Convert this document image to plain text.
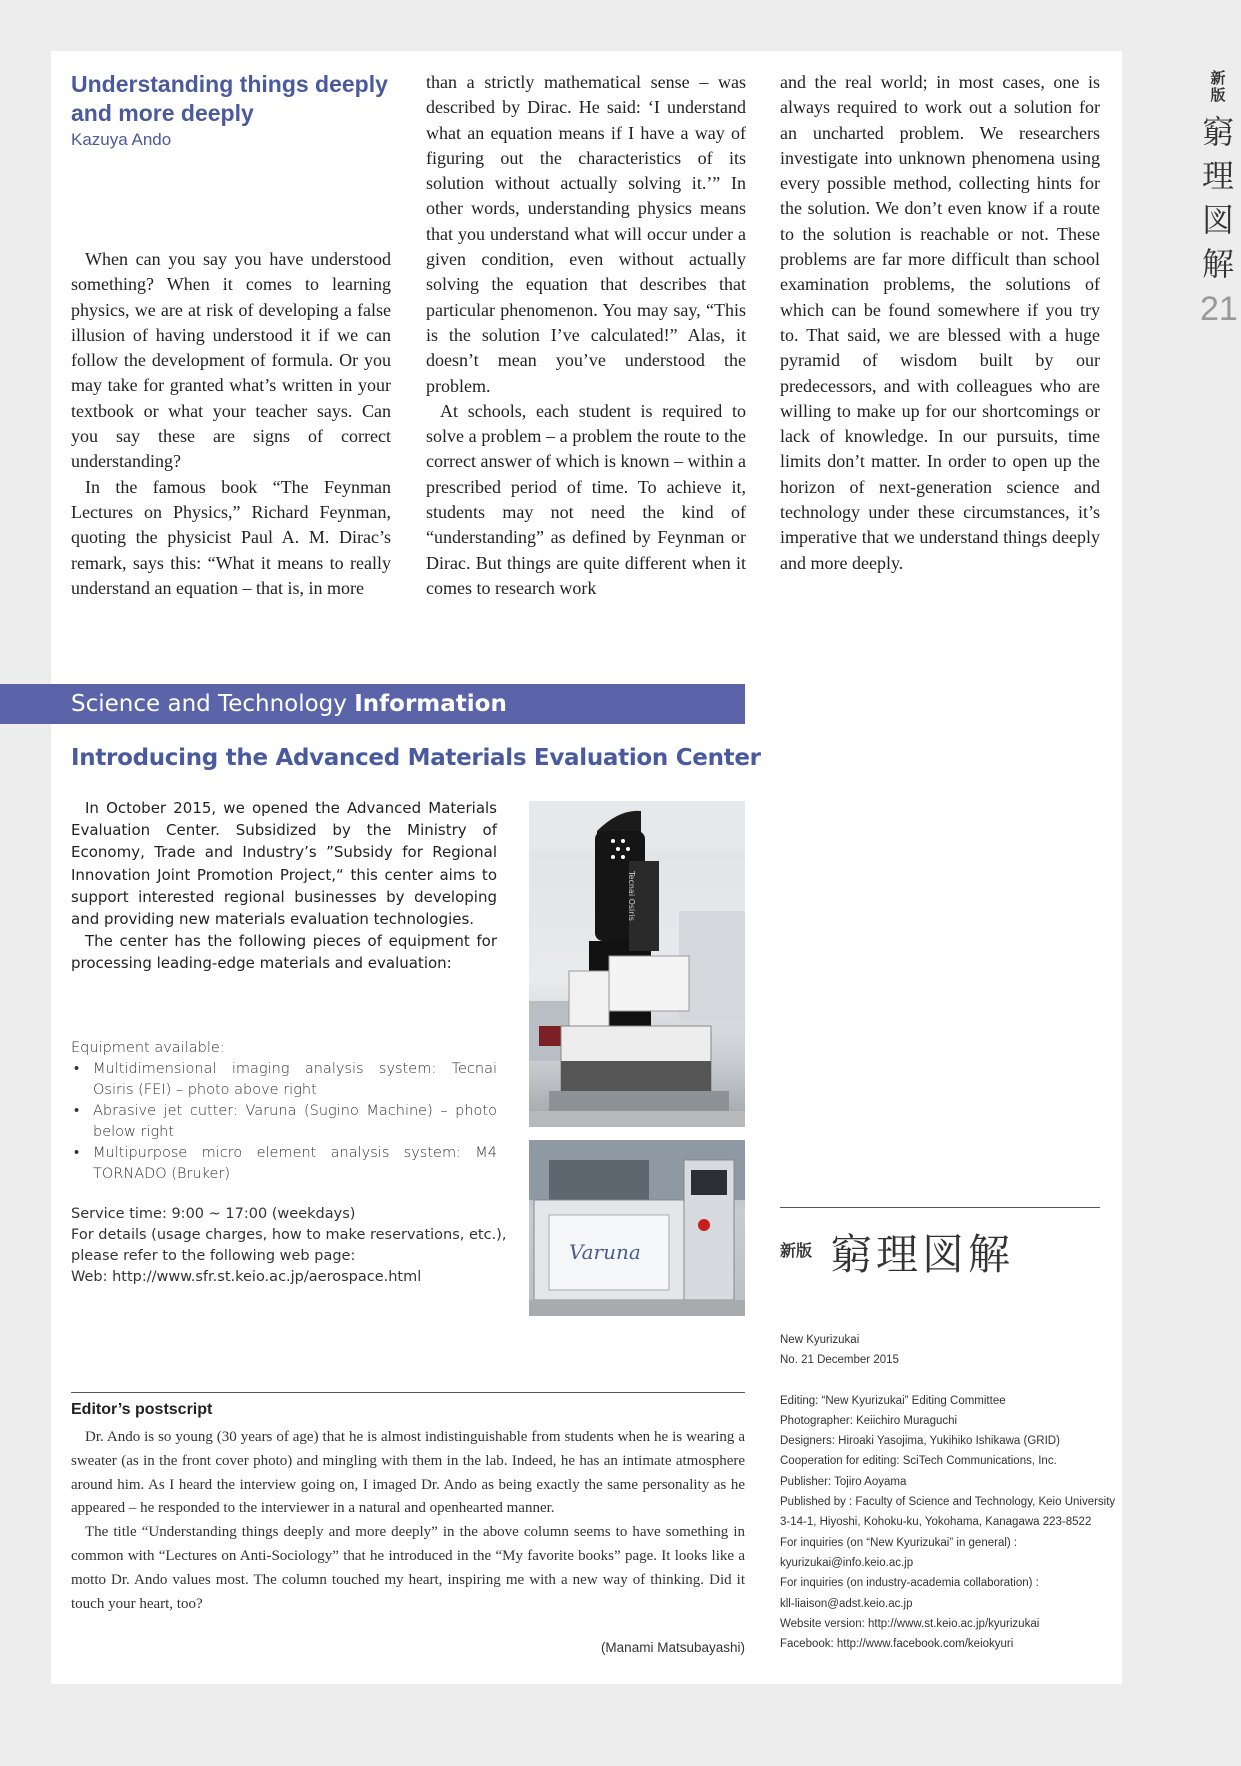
新版
窮
理
図
解
21
Understanding things deeply and more deeply
Kazuya Ando

When can you say you have understood something? When it comes to learning physics, we are at risk of developing a false illusion of having understood it if we can follow the development of formula. Or you may take for granted what’s written in your textbook or what your teacher says. Can you say these are signs of correct understanding?

In the famous book “The Feynman Lectures on Physics,” Richard Feynman, quoting the physicist Paul A. M. Dirac’s remark, says this: “What it means to really understand an equation – that is, in more

than a strictly mathematical sense – was described by Dirac. He said: ‘I understand what an equation means if I have a way of figuring out the characteristics of its solution without actually solving it.’” In other words, understanding physics means that you understand what will occur under a given condition, even without actually solving the equation that describes that particular phenomenon. You may say, “This is the solution I’ve calculated!” Alas, it doesn’t mean you’ve understood the problem.

At schools, each student is required to solve a problem – a problem the route to the correct answer of which is known – within a prescribed period of time. To achieve it, students may not need the kind of “understanding” as defined by Feynman or Dirac. But things are quite different when it comes to research work

and the real world; in most cases, one is always required to work out a solution for an uncharted problem. We researchers investigate into unknown phenomena using every possible method, collecting hints for the solution. We don’t even know if a route to the solution is reachable or not. These problems are far more difficult than school examination problems, the solutions of which can be found somewhere if you try to. That said, we are blessed with a huge pyramid of wisdom built by our predecessors, and with colleagues who are willing to make up for our shortcomings or lack of knowledge. In our pursuits, time limits don’t matter. In order to open up the horizon of next-generation science and technology under these circumstances, it’s imperative that we understand things deeply and more deeply.

Science and Technology Information
Introducing the Advanced Materials Evaluation Center

In October 2015, we opened the Advanced Materials Evaluation Center. Subsidized by the Ministry of Economy, Trade and Industry’s ”Subsidy for Regional Innovation Joint Promotion Project,“ this center aims to support interested regional businesses by developing and providing new materials evaluation technologies.

The center has the following pieces of equipment for processing leading-edge materials and evaluation:

Equipment available:
• Multidimensional imaging analysis system: Tecnai Osiris (FEI) – photo above right
• Abrasive jet cutter: Varuna (Sugino Machine) – photo below right
• Multipurpose micro element analysis system: M4 TORNADO (Bruker)
Service time: 9:00 ~ 17:00 (weekdays)
For details (usage charges, how to make reservations, etc.),
please refer to the following web page:
Web: http://www.sfr.st.keio.ac.jp/aerospace.html
Tecnai Osiris
Varuna	新版 窮理図解
New Kyurizukai
No. 21 December 2015
Editing: “New Kyurizukai” Editing Committee
Photographer: Keiichiro Muraguchi
Designers: Hiroaki Yasojima, Yukihiko Ishikawa (GRID)
Cooperation for editing: SciTech Communications, Inc.
Publisher: Tojiro Aoyama
Published by : Faculty of Science and Technology, Keio University
3-14-1, Hiyoshi, Kohoku-ku, Yokohama, Kanagawa 223-8522
For inquiries (on “New Kyurizukai” in general) :
kyurizukai@info.keio.ac.jp
For inquiries (on industry-academia collaboration) :
kll-liaison@adst.keio.ac.jp
Website version: http://www.st.keio.ac.jp/kyurizukai
Facebook: http://www.facebook.com/keiokyuri
Editor’s postscript

Dr. Ando is so young (30 years of age) that he is almost indistinguishable from students when he is wearing a sweater (as in the front cover photo) and mingling with them in the lab. Indeed, he has an intimate atmosphere around him. As I heard the interview going on, I imaged Dr. Ando as being exactly the same personality as he appeared – he responded to the interviewer in a natural and openhearted manner.

The title “Understanding things deeply and more deeply” in the above column seems to have something in common with “Lectures on Anti-Sociology” that he introduced in the “My favorite books” page. It looks like a motto Dr. Ando values most. The column touched my heart, inspiring me with a new way of thinking. Did it touch your heart, too?

(Manami Matsubayashi)
